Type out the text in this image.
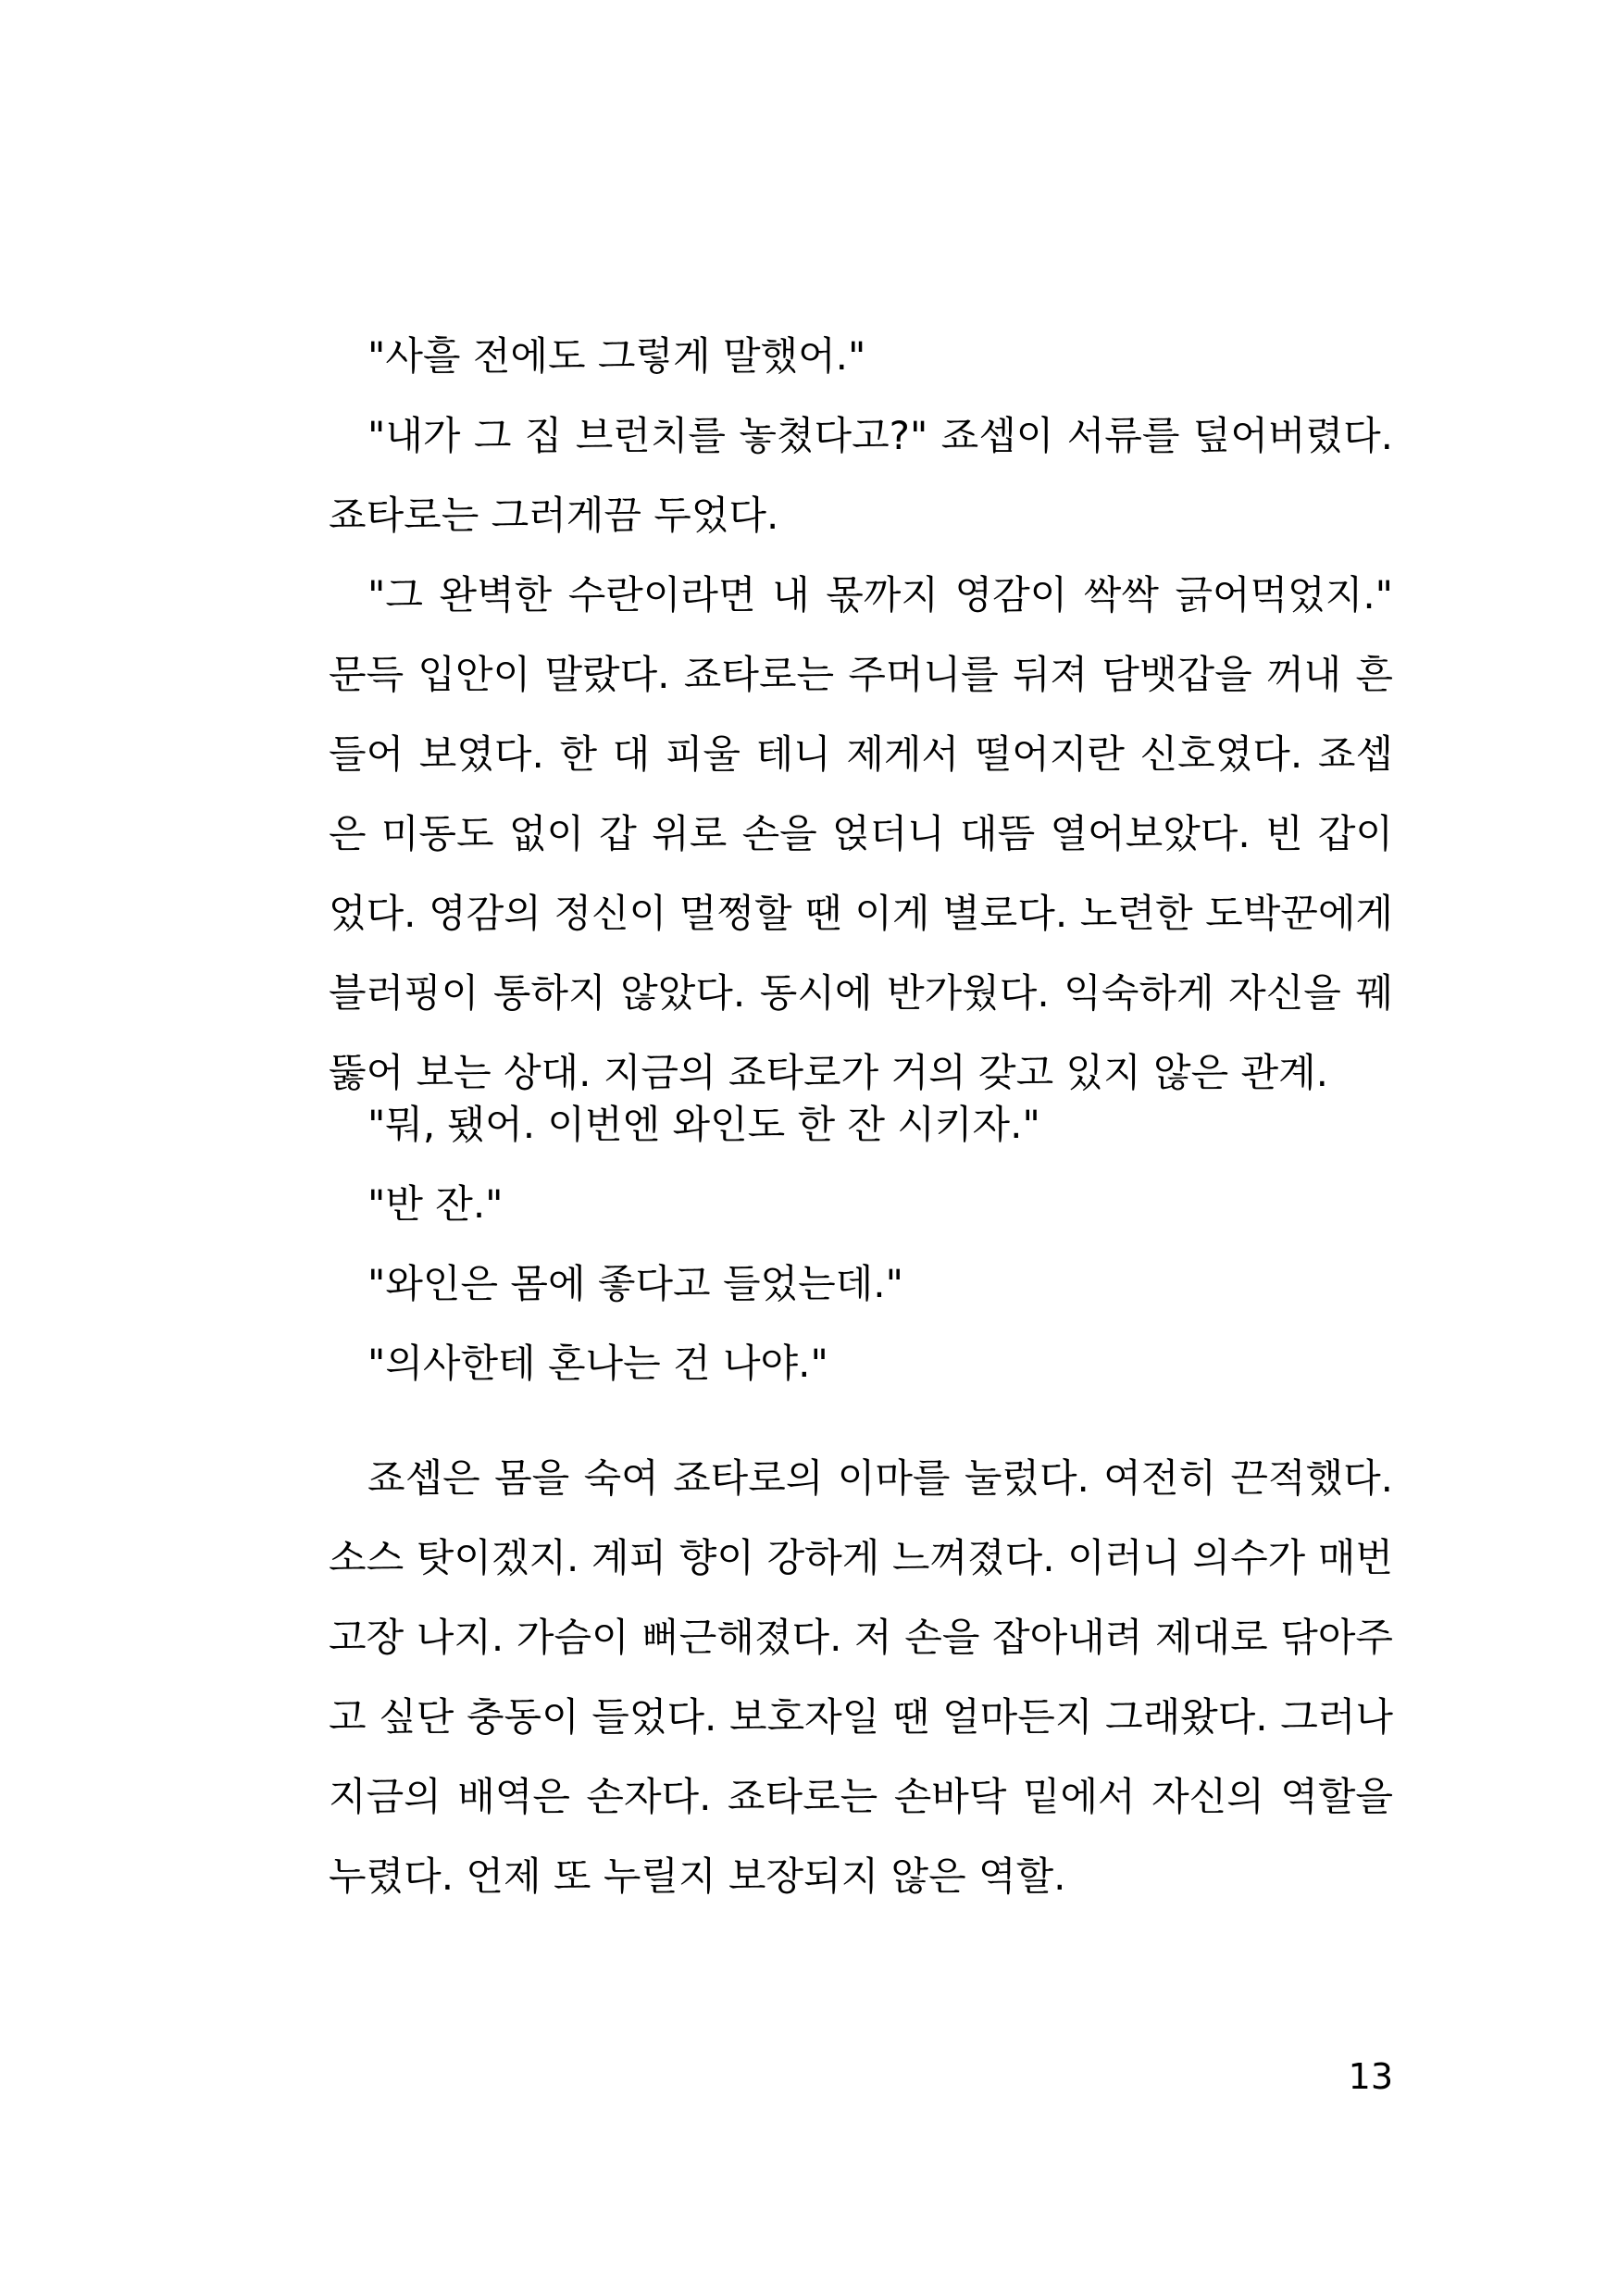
"사흘 전에도 그렇게 말했어."

"내가 그 집 브런치를 놓쳤다고?" 죠셉이 서류를 덮어버렸다. 죠타로는 그러게끔 두었다.

"그 완벽한 수란이라면 내 몫까지 영감이 싹싹 긁어먹었지." 문득 입안이 말랐다. 죠타로는 주머니를 뒤져 담뱃갑을 꺼내 흔들어 보였다. 한 대 피울 테니 제게서 떨어지란 신호였다. 죠셉은 미동도 없이 갑 위로 손을 얹더니 대뜸 열어보았다. 빈 갑이었다. 영감의 정신이 멀쩡할 땐 이게 별로다. 노련한 도박꾼에게 블러핑이 통하지 않았다. 동시에 반가웠다. 익숙하게 자신을 꿰뚫어 보는 상대. 지금의 죠타로가 거의 갖고 있지 않은 관계.

"뭐, 됐어. 이번엔 와인도 한 잔 시키자."

"반 잔."

"와인은 몸에 좋다고 들었는데."

"의사한테 혼나는 건 나야."

죠셉은 몸을 숙여 죠타로의 이마를 눌렀다. 여전히 끈적했다. 소스 탓이겠지. 계피 향이 강하게 느껴졌다. 이러니 의수가 매번 고장 나지. 가슴이 뻐근해졌다. 저 손을 잡아내려 제대로 닦아주고 싶단 충동이 들었다. 보호자일 땐 얼마든지 그래왔다. 그러나 지금의 배역은 손자다. 죠타로는 손바닥 밑에서 자신의 역할을 누렸다. 언제 또 누릴지 보장되지 않은 역할.

13
